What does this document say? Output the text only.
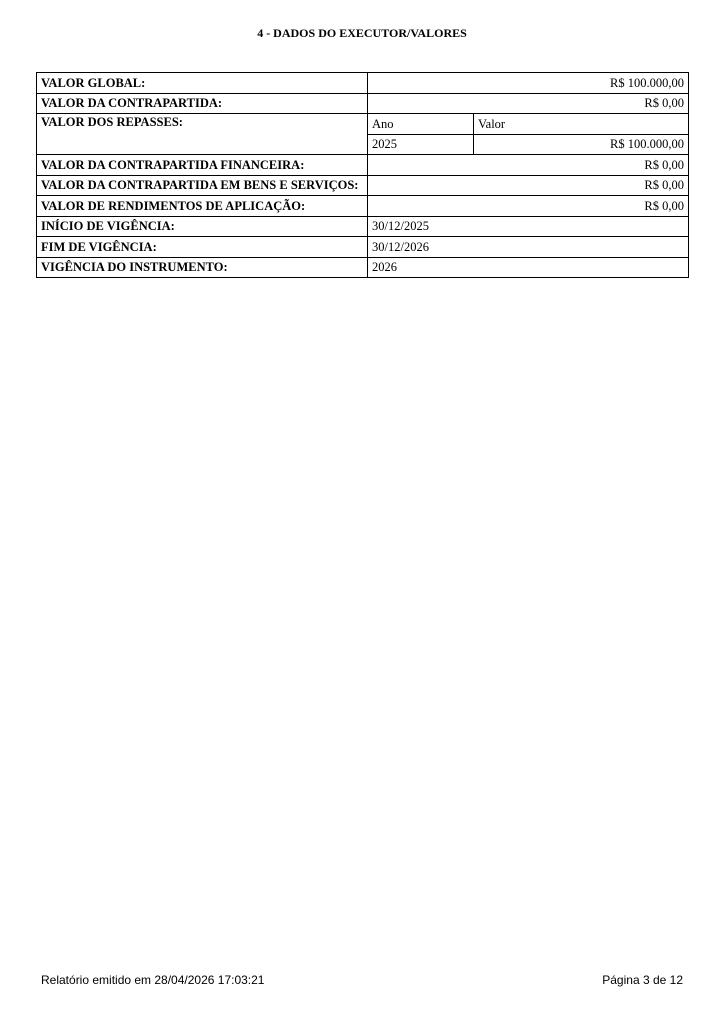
4 - DADOS DO EXECUTOR/VALORES
VALOR GLOBAL:	R$ 100.000,00	
VALOR DA CONTRAPARTIDA:	R$ 0,00	
VALOR DOS REPASSES:	Ano	Valor
	2025	R$ 100.000,00
VALOR DA CONTRAPARTIDA FINANCEIRA:	R$ 0,00	
VALOR DA CONTRAPARTIDA EM BENS E SERVIÇOS:	R$ 0,00	
VALOR DE RENDIMENTOS DE APLICAÇÃO:	R$ 0,00	
INÍCIO DE VIGÊNCIA:	30/12/2025	
FIM DE VIGÊNCIA:	30/12/2026	
VIGÊNCIA DO INSTRUMENTO:	2026	
Relatório emitido em 28/04/2026 17:03:21	Página 3 de 12
